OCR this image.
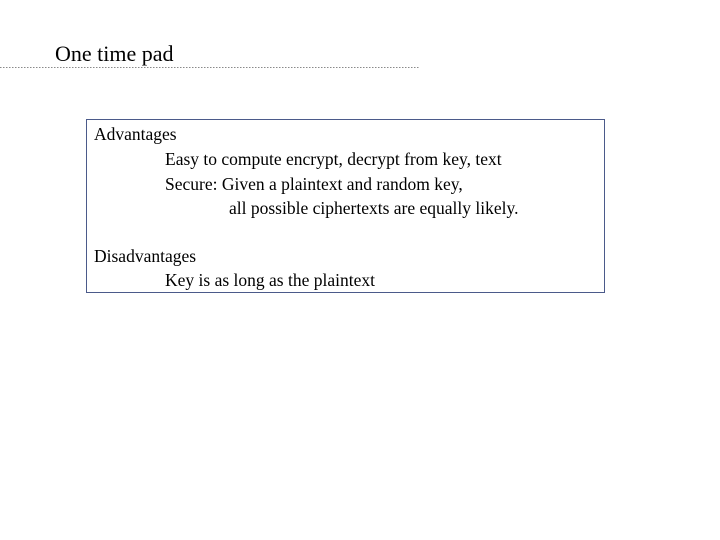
One time pad
Advantages
Easy to compute encrypt, decrypt from key, text
Secure: Given a plaintext and random key,
all possible ciphertexts are equally likely.
Disadvantages
Key is as long as the plaintext
